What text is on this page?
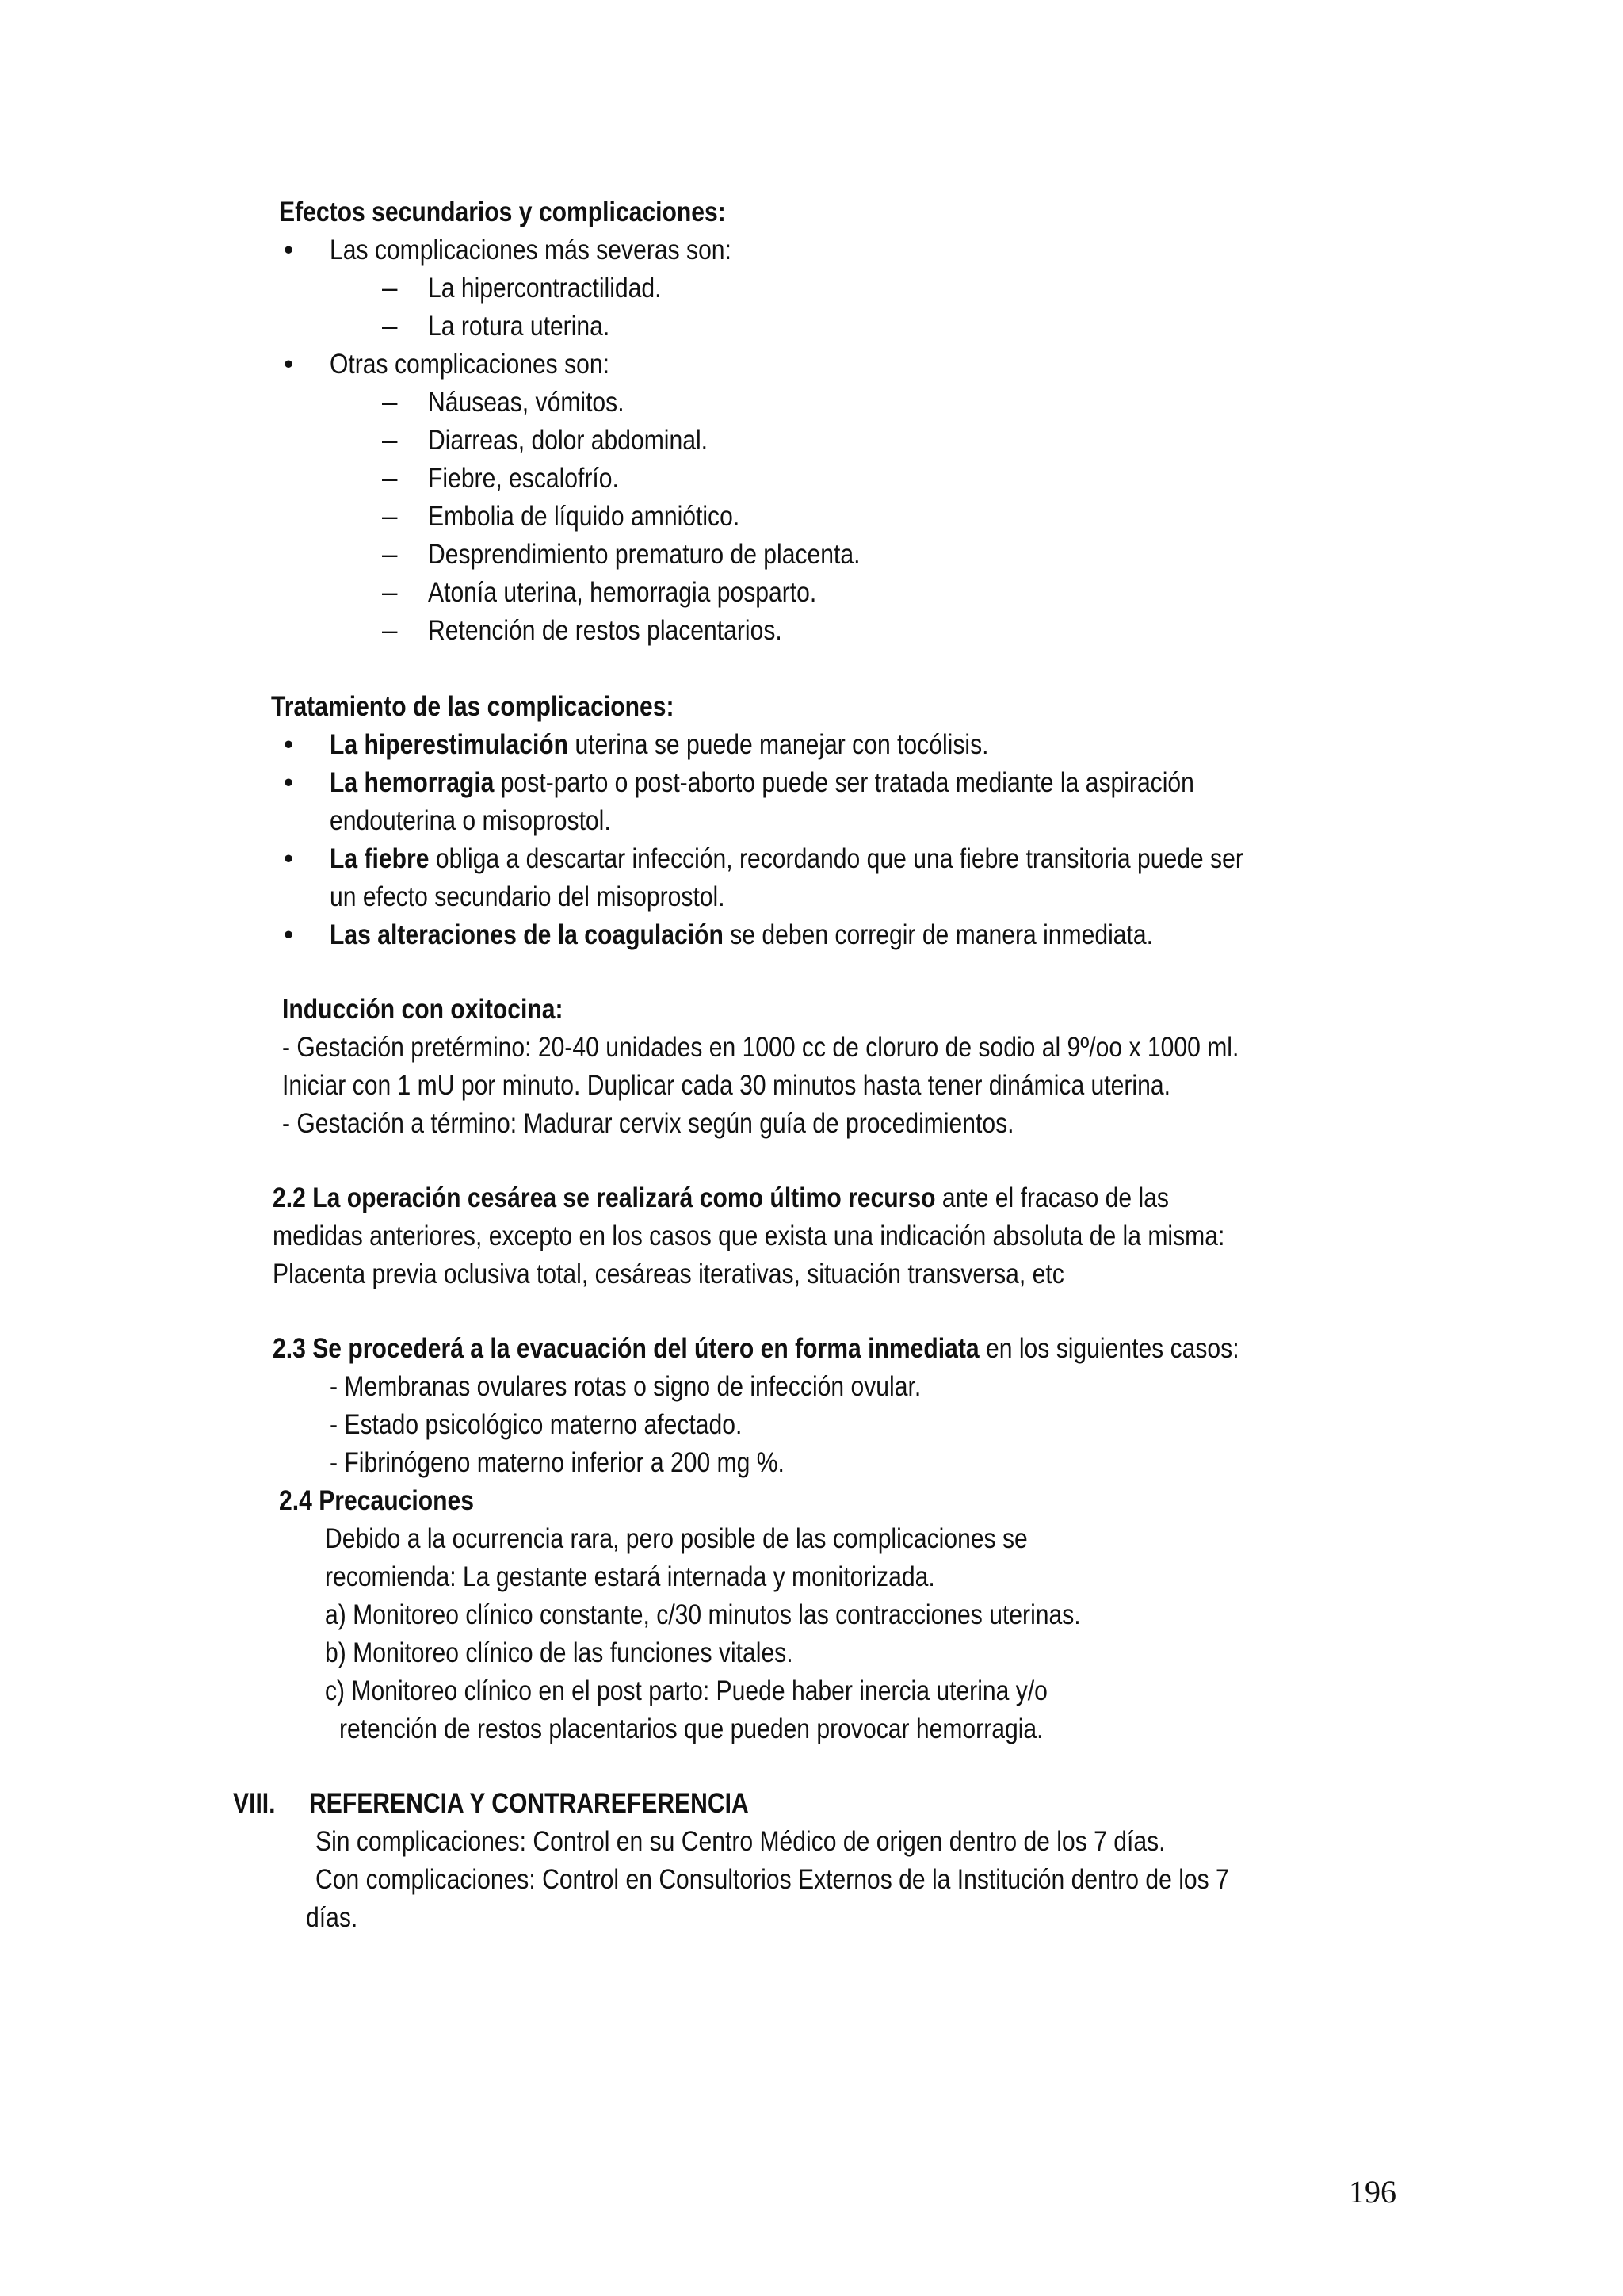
Efectos secundarios y complicaciones:
• Las complicaciones más severas son:
– La hipercontractilidad.
– La rotura uterina.
• Otras complicaciones son:
– Náuseas, vómitos.
– Diarreas, dolor abdominal.
– Fiebre, escalofrío.
– Embolia de líquido amniótico.
– Desprendimiento prematuro de placenta.
– Atonía uterina, hemorragia posparto.
– Retención de restos placentarios.
Tratamiento de las complicaciones:
• La hiperestimulación uterina se puede manejar con tocólisis.
• La hemorragia post-parto o post-aborto puede ser tratada mediante la aspiración
endouterina o misoprostol.
• La fiebre obliga a descartar infección, recordando que una fiebre transitoria puede ser
un efecto secundario del misoprostol.
• Las alteraciones de la coagulación se deben corregir de manera inmediata.
Inducción con oxitocina:
- Gestación pretérmino: 20-40 unidades en 1000 cc de cloruro de sodio al 9º/oo x 1000 ml.
Iniciar con 1 mU por minuto. Duplicar cada 30 minutos hasta tener dinámica uterina.
- Gestación a término: Madurar cervix según guía de procedimientos.
2.2 La operación cesárea se realizará como último recurso ante el fracaso de las
medidas anteriores, excepto en los casos que exista una indicación absoluta de la misma:
Placenta previa oclusiva total, cesáreas iterativas, situación transversa, etc
2.3 Se procederá a la evacuación del útero en forma inmediata en los siguientes casos:
- Membranas ovulares rotas o signo de infección ovular.
- Estado psicológico materno afectado.
- Fibrinógeno materno inferior a 200 mg %.
2.4 Precauciones
Debido a la ocurrencia rara, pero posible de las complicaciones se
recomienda: La gestante estará internada y monitorizada.
a) Monitoreo clínico constante, c/30 minutos las contracciones uterinas.
b) Monitoreo clínico de las funciones vitales.
c) Monitoreo clínico en el post parto: Puede haber inercia uterina y/o
retención de restos placentarios que pueden provocar hemorragia.
VIII. REFERENCIA Y CONTRAREFERENCIA
Sin complicaciones: Control en su Centro Médico de origen dentro de los 7 días.
Con complicaciones: Control en Consultorios Externos de la Institución dentro de los 7
días.
196
